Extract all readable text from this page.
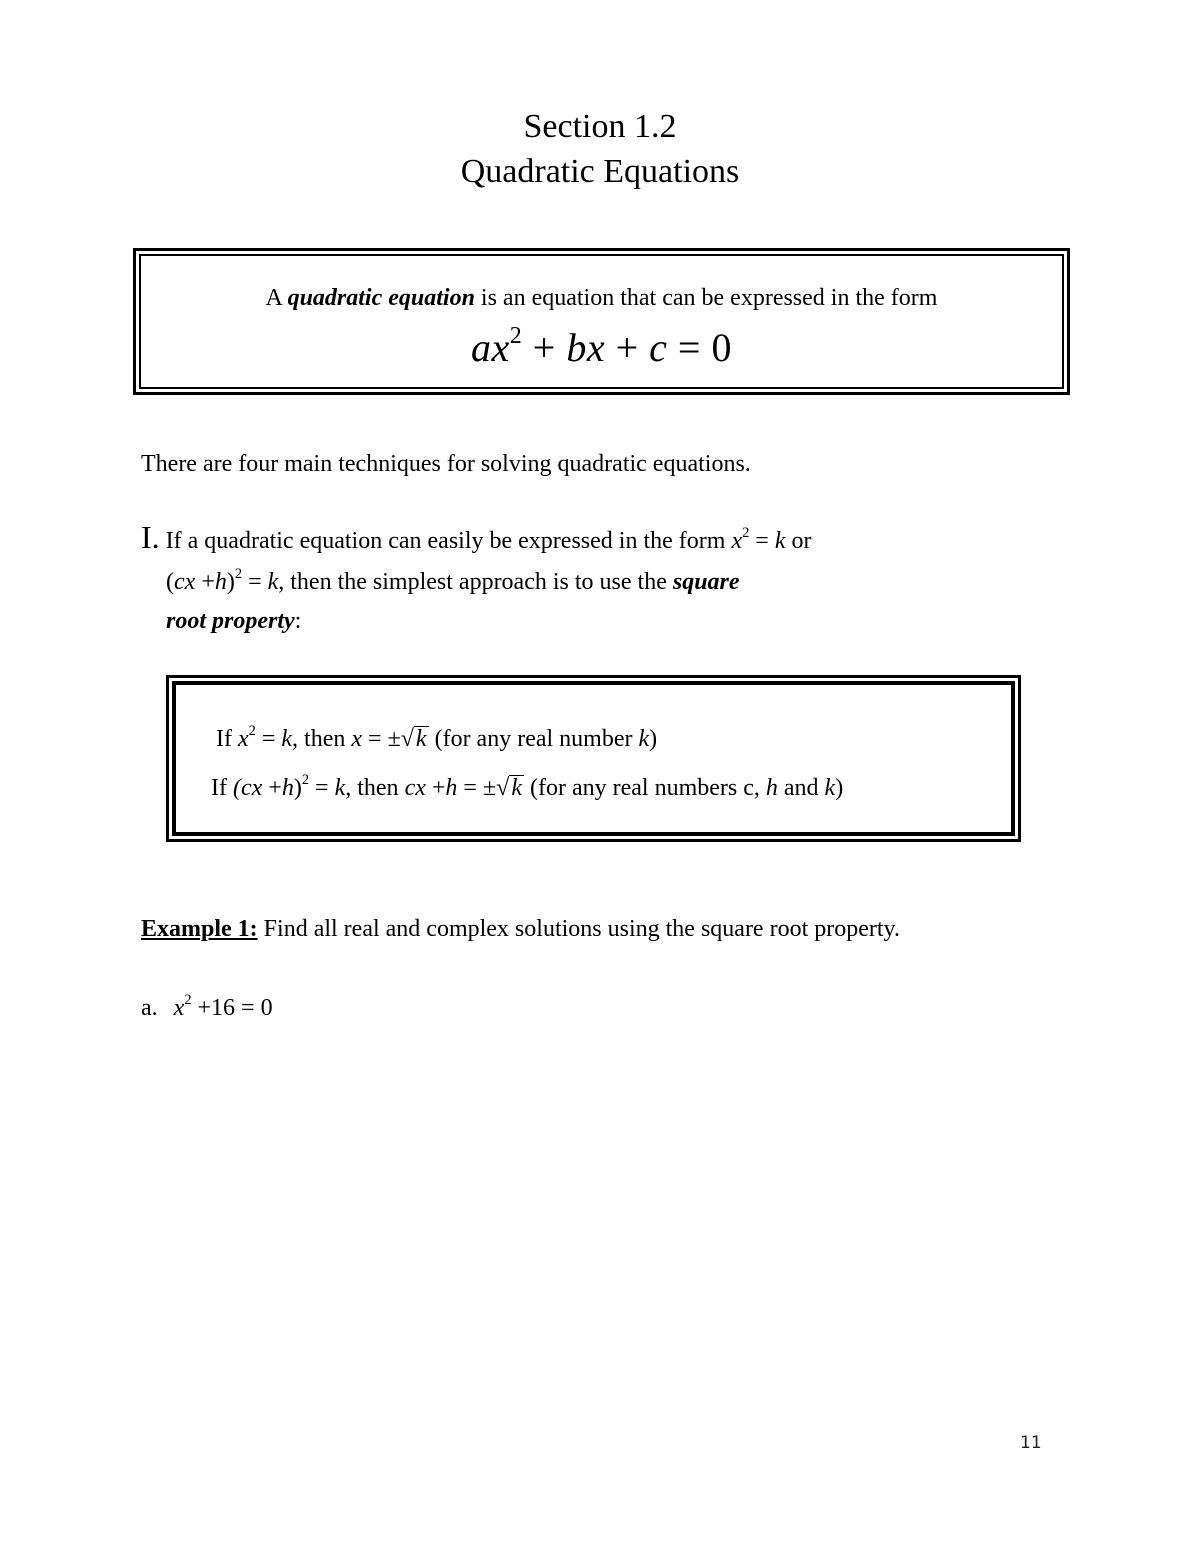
Section 1.2
Quadratic Equations
A quadratic equation is an equation that can be expressed in the form
$ax^2$ + bx + c = 0
There are four main techniques for solving quadratic equations.
I. If a quadratic equation can easily be expressed in the form $x^2 = k$ or
(cx +h)$^2$ = k, then the simplest approach is to use the square
root property:
If $x^2 = k$, then x = ±√k (for any real number k)
If (cx +h)$^2$ = k, then cx +h = ±√k (for any real numbers c, h and k)
Example 1: Find all real and complex solutions using the square root property.
a. $x^2 +16 = 0$
11
